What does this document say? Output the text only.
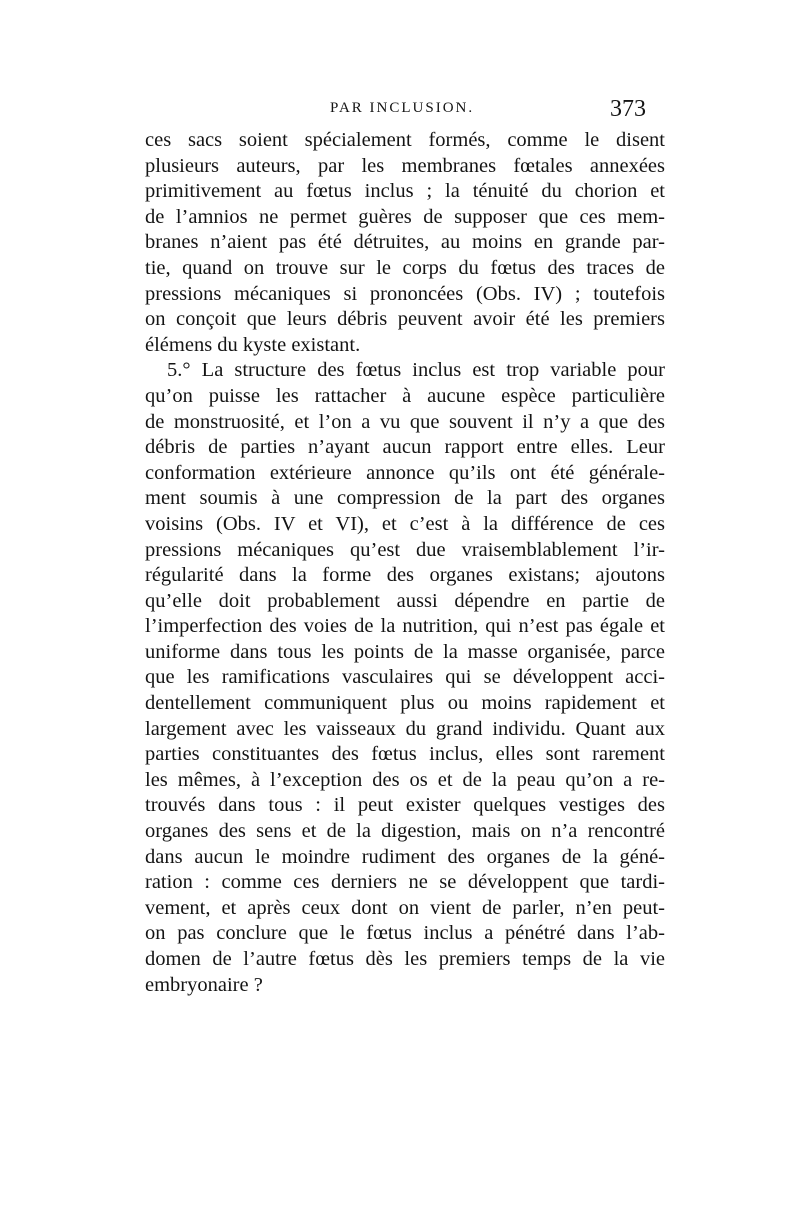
PAR INCLUSION.	373
ces sacs soient spécialement formés, comme le disent
plusieurs auteurs, par les membranes fœtales annexées
primitivement au fœtus inclus ; la ténuité du chorion et
de l’amnios ne permet guères de supposer que ces mem-
branes n’aient pas été détruites, au moins en grande par-
tie, quand on trouve sur le corps du fœtus des traces de
pressions mécaniques si prononcées (Obs. IV) ; toutefois
on conçoit que leurs débris peuvent avoir été les premiers
élémens du kyste existant.
5.° La structure des fœtus inclus est trop variable pour
qu’on puisse les rattacher à aucune espèce particulière
de monstruosité, et l’on a vu que souvent il n’y a que des
débris de parties n’ayant aucun rapport entre elles. Leur
conformation extérieure annonce qu’ils ont été générale-
ment soumis à une compression de la part des organes
voisins (Obs. IV et VI), et c’est à la différence de ces
pressions mécaniques qu’est due vraisemblablement l’ir-
régularité dans la forme des organes existans; ajoutons
qu’elle doit probablement aussi dépendre en partie de
l’imperfection des voies de la nutrition, qui n’est pas égale et
uniforme dans tous les points de la masse organisée, parce
que les ramifications vasculaires qui se développent acci-
dentellement communiquent plus ou moins rapidement et
largement avec les vaisseaux du grand individu. Quant aux
parties constituantes des fœtus inclus, elles sont rarement
les mêmes, à l’exception des os et de la peau qu’on a re-
trouvés dans tous : il peut exister quelques vestiges des
organes des sens et de la digestion, mais on n’a rencontré
dans aucun le moindre rudiment des organes de la géné-
ration : comme ces derniers ne se développent que tardi-
vement, et après ceux dont on vient de parler, n’en peut-
on pas conclure que le fœtus inclus a pénétré dans l’ab-
domen de l’autre fœtus dès les premiers temps de la vie
embryonaire ?
